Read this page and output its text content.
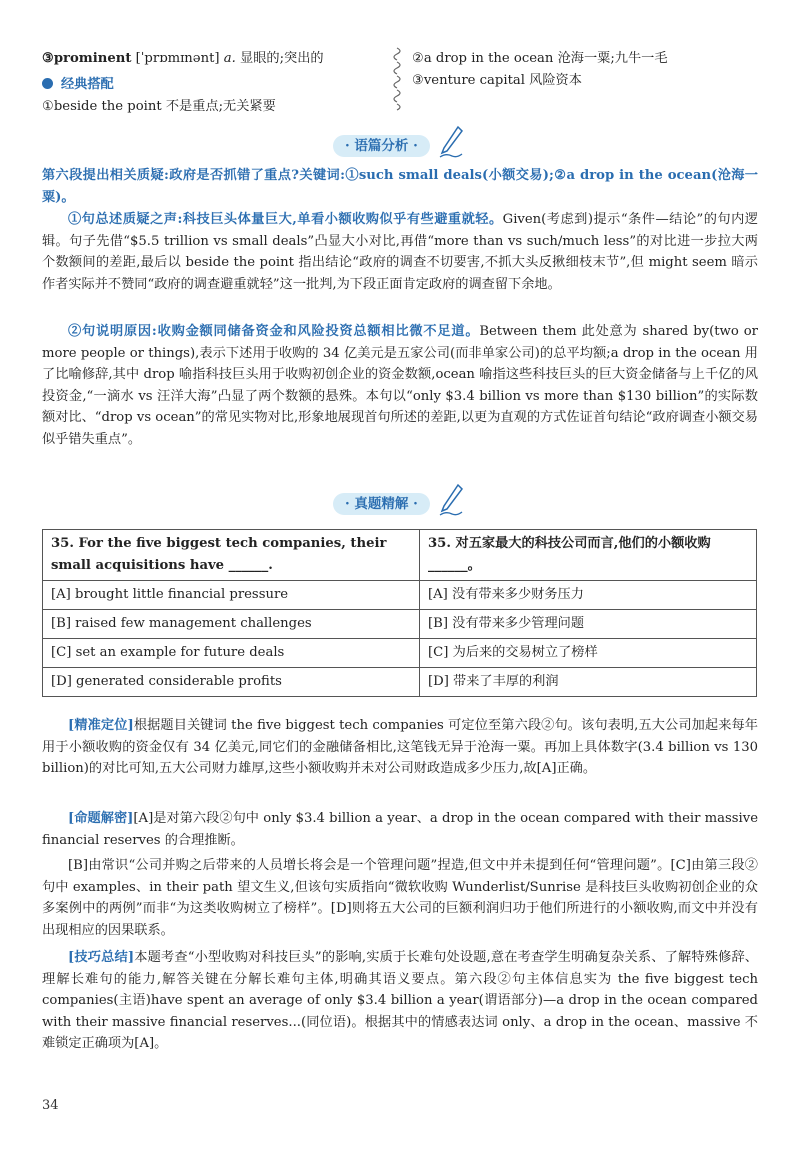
③prominent [ˈprɒmɪnənt] a. 显眼的;突出的
经典搭配
①beside the point 不是重点;无关紧要
②a drop in the ocean 沧海一粟;九牛一毛
③venture capital 风险资本
· 语篇分析 ·
第六段提出相关质疑:政府是否抓错了重点?关键词:①such small deals(小额交易);②a drop in the ocean(沧海一粟)。
①句总述质疑之声:科技巨头体量巨大,单看小额收购似乎有些避重就轻。Given(考虑到)提示“条件—结论”的句内逻辑。句子先借“$5.5 trillion vs small deals”凸显大小对比,再借“more than vs such/much less”的对比进一步拉大两个数额间的差距,最后以 beside the point 指出结论“政府的调查不切要害,不抓大头反揪细枝末节”,但 might seem 暗示作者实际并不赞同“政府的调查避重就轻”这一批判,为下段正面肯定政府的调查留下余地。
②句说明原因:收购金额同储备资金和风险投资总额相比微不足道。Between them 此处意为 shared by(two or more people or things),表示下述用于收购的 34 亿美元是五家公司(而非单家公司)的总平均额;a drop in the ocean 用了比喻修辞,其中 drop 喻指科技巨头用于收购初创企业的资金数额,ocean 喻指这些科技巨头的巨大资金储备与上千亿的风投资金,“一滴水 vs 汪洋大海”凸显了两个数额的悬殊。本句以“only $3.4 billion vs more than $130 billion”的实际数额对比、“drop vs ocean”的常见实物对比,形象地展现首句所述的差距,以更为直观的方式佐证首句结论“政府调查小额交易似乎错失重点”。
· 真题精解 ·
35. For the five biggest tech companies, their small acquisitions have ______.	35. 对五家最大的科技公司而言,他们的小额收购______。
[A] brought little financial pressure	[A] 没有带来多少财务压力
[B] raised few management challenges	[B] 没有带来多少管理问题
[C] set an example for future deals	[C] 为后来的交易树立了榜样
[D] generated considerable profits	[D] 带来了丰厚的利润
[精准定位]根据题目关键词 the five biggest tech companies 可定位至第六段②句。该句表明,五大公司加起来每年用于小额收购的资金仅有 34 亿美元,同它们的金融储备相比,这笔钱无异于沧海一粟。再加上具体数字(3.4 billion vs 130 billion)的对比可知,五大公司财力雄厚,这些小额收购并未对公司财政造成多少压力,故[A]正确。
[命题解密][A]是对第六段②句中 only $3.4 billion a year、a drop in the ocean compared with their massive financial reserves 的合理推断。
[B]由常识“公司并购之后带来的人员增长将会是一个管理问题”捏造,但文中并未提到任何“管理问题”。[C]由第三段②句中 examples、in their path 望文生义,但该句实质指向“微软收购 Wunderlist/Sunrise 是科技巨头收购初创企业的众多案例中的两例”而非“为这类收购树立了榜样”。[D]则将五大公司的巨额利润归功于他们所进行的小额收购,而文中并没有出现相应的因果联系。
[技巧总结]本题考查“小型收购对科技巨头”的影响,实质于长难句处设题,意在考查学生明确复杂关系、了解特殊修辞、理解长难句的能力,解答关键在分解长难句主体,明确其语义要点。第六段②句主体信息实为 the five biggest tech companies(主语)have spent an average of only $3.4 billion a year(谓语部分)—a drop in the ocean compared with their massive financial reserves...(同位语)。根据其中的情感表达词 only、a drop in the ocean、massive 不难锁定正确项为[A]。
34
